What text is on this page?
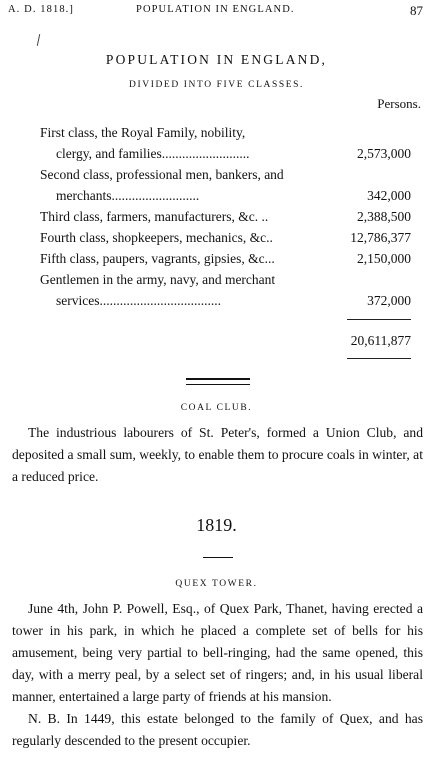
A. D. 1818.]	POPULATION IN ENGLAND.	87
POPULATION IN ENGLAND,
DIVIDED INTO FIVE CLASSES.
Persons.
First class, the Royal Family, nobility,
clergy, and families..........................	2,573,000
Second class, professional men, bankers, and
merchants..........................	342,000
Third class, farmers, manufacturers, &c. ..	2,388,500
Fourth class, shopkeepers, mechanics, &c..	12,786,377
Fifth class, paupers, vagrants, gipsies, &c...	2,150,000
Gentlemen in the army, navy, and merchant
services....................................	372,000
20,611,877
COAL CLUB.

The industrious labourers of St. Peter's, formed a Union Club, and deposited a small sum, weekly, to enable them to procure coals in winter, at a reduced price.

1819.
QUEX TOWER.

June 4th, John P. Powell, Esq., of Quex Park, Thanet, having erected a tower in his park, in which he placed a complete set of bells for his amusement, being very partial to bell-ringing, had the same opened, this day, with a merry peal, by a select set of ringers; and, in his usual liberal manner, entertained a large party of friends at his mansion.

N. B. In 1449, this estate belonged to the family of Quex, and has regularly descended to the present occupier.
